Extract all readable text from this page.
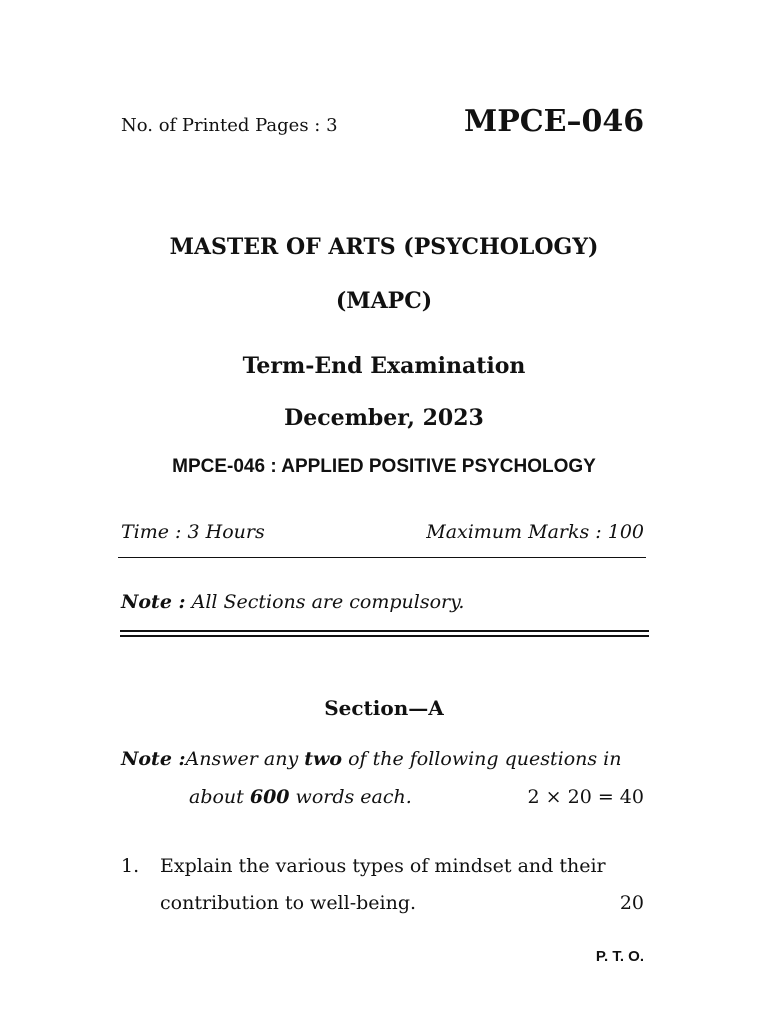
No. of Printed Pages : 3	MPCE–046
MASTER OF ARTS (PSYCHOLOGY)
(MAPC)
Term-End Examination
December, 2023
MPCE-046 : APPLIED POSITIVE PSYCHOLOGY
Time : 3 Hours	Maximum Marks : 100
Note : All Sections are compulsory.
Section—A
Note :Answer any two of the following questions in
about 600 words each.	2 × 20 = 40
1. Explain the various types of mindset and their
contribution to well-being.	20
P. T. O.
